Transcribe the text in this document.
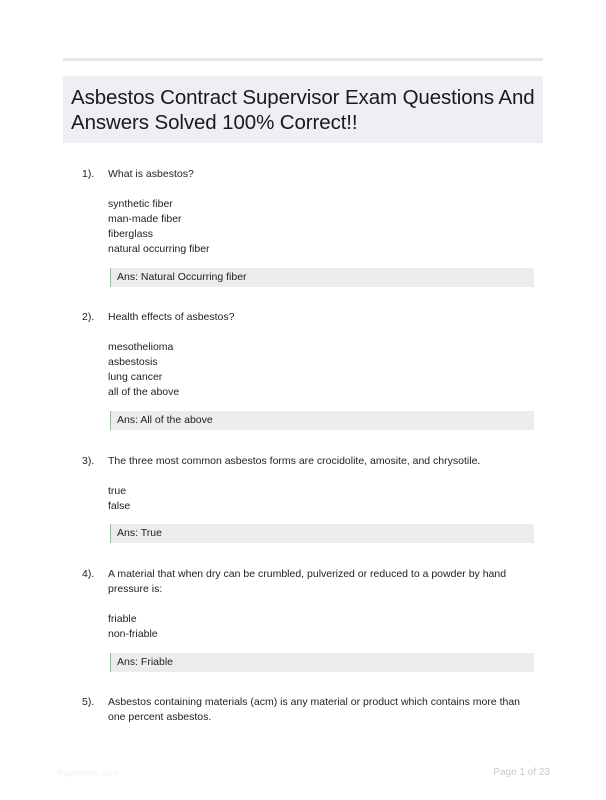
Asbestos Contract Supervisor Exam Questions And Answers Solved 100% Correct!!
1). What is asbestos?
synthetic fiber
man-made fiber
fiberglass
natural occurring fiber
Ans: Natural Occurring fiber
2). Health effects of asbestos?
mesothelioma
asbestosis
lung cancer
all of the above
Ans: All of the above
3). The three most common asbestos forms are crocidolite, amosite, and chrysotile.
true
false
Ans: True
4). A material that when dry can be crumbled, pulverized or reduced to a powder by hand pressure is:
friable
non-friable
Ans: Friable
5). Asbestos containing materials (acm) is any material or product which contains more than one percent asbestos.
Paperfolio.com	Page 1 of 23
